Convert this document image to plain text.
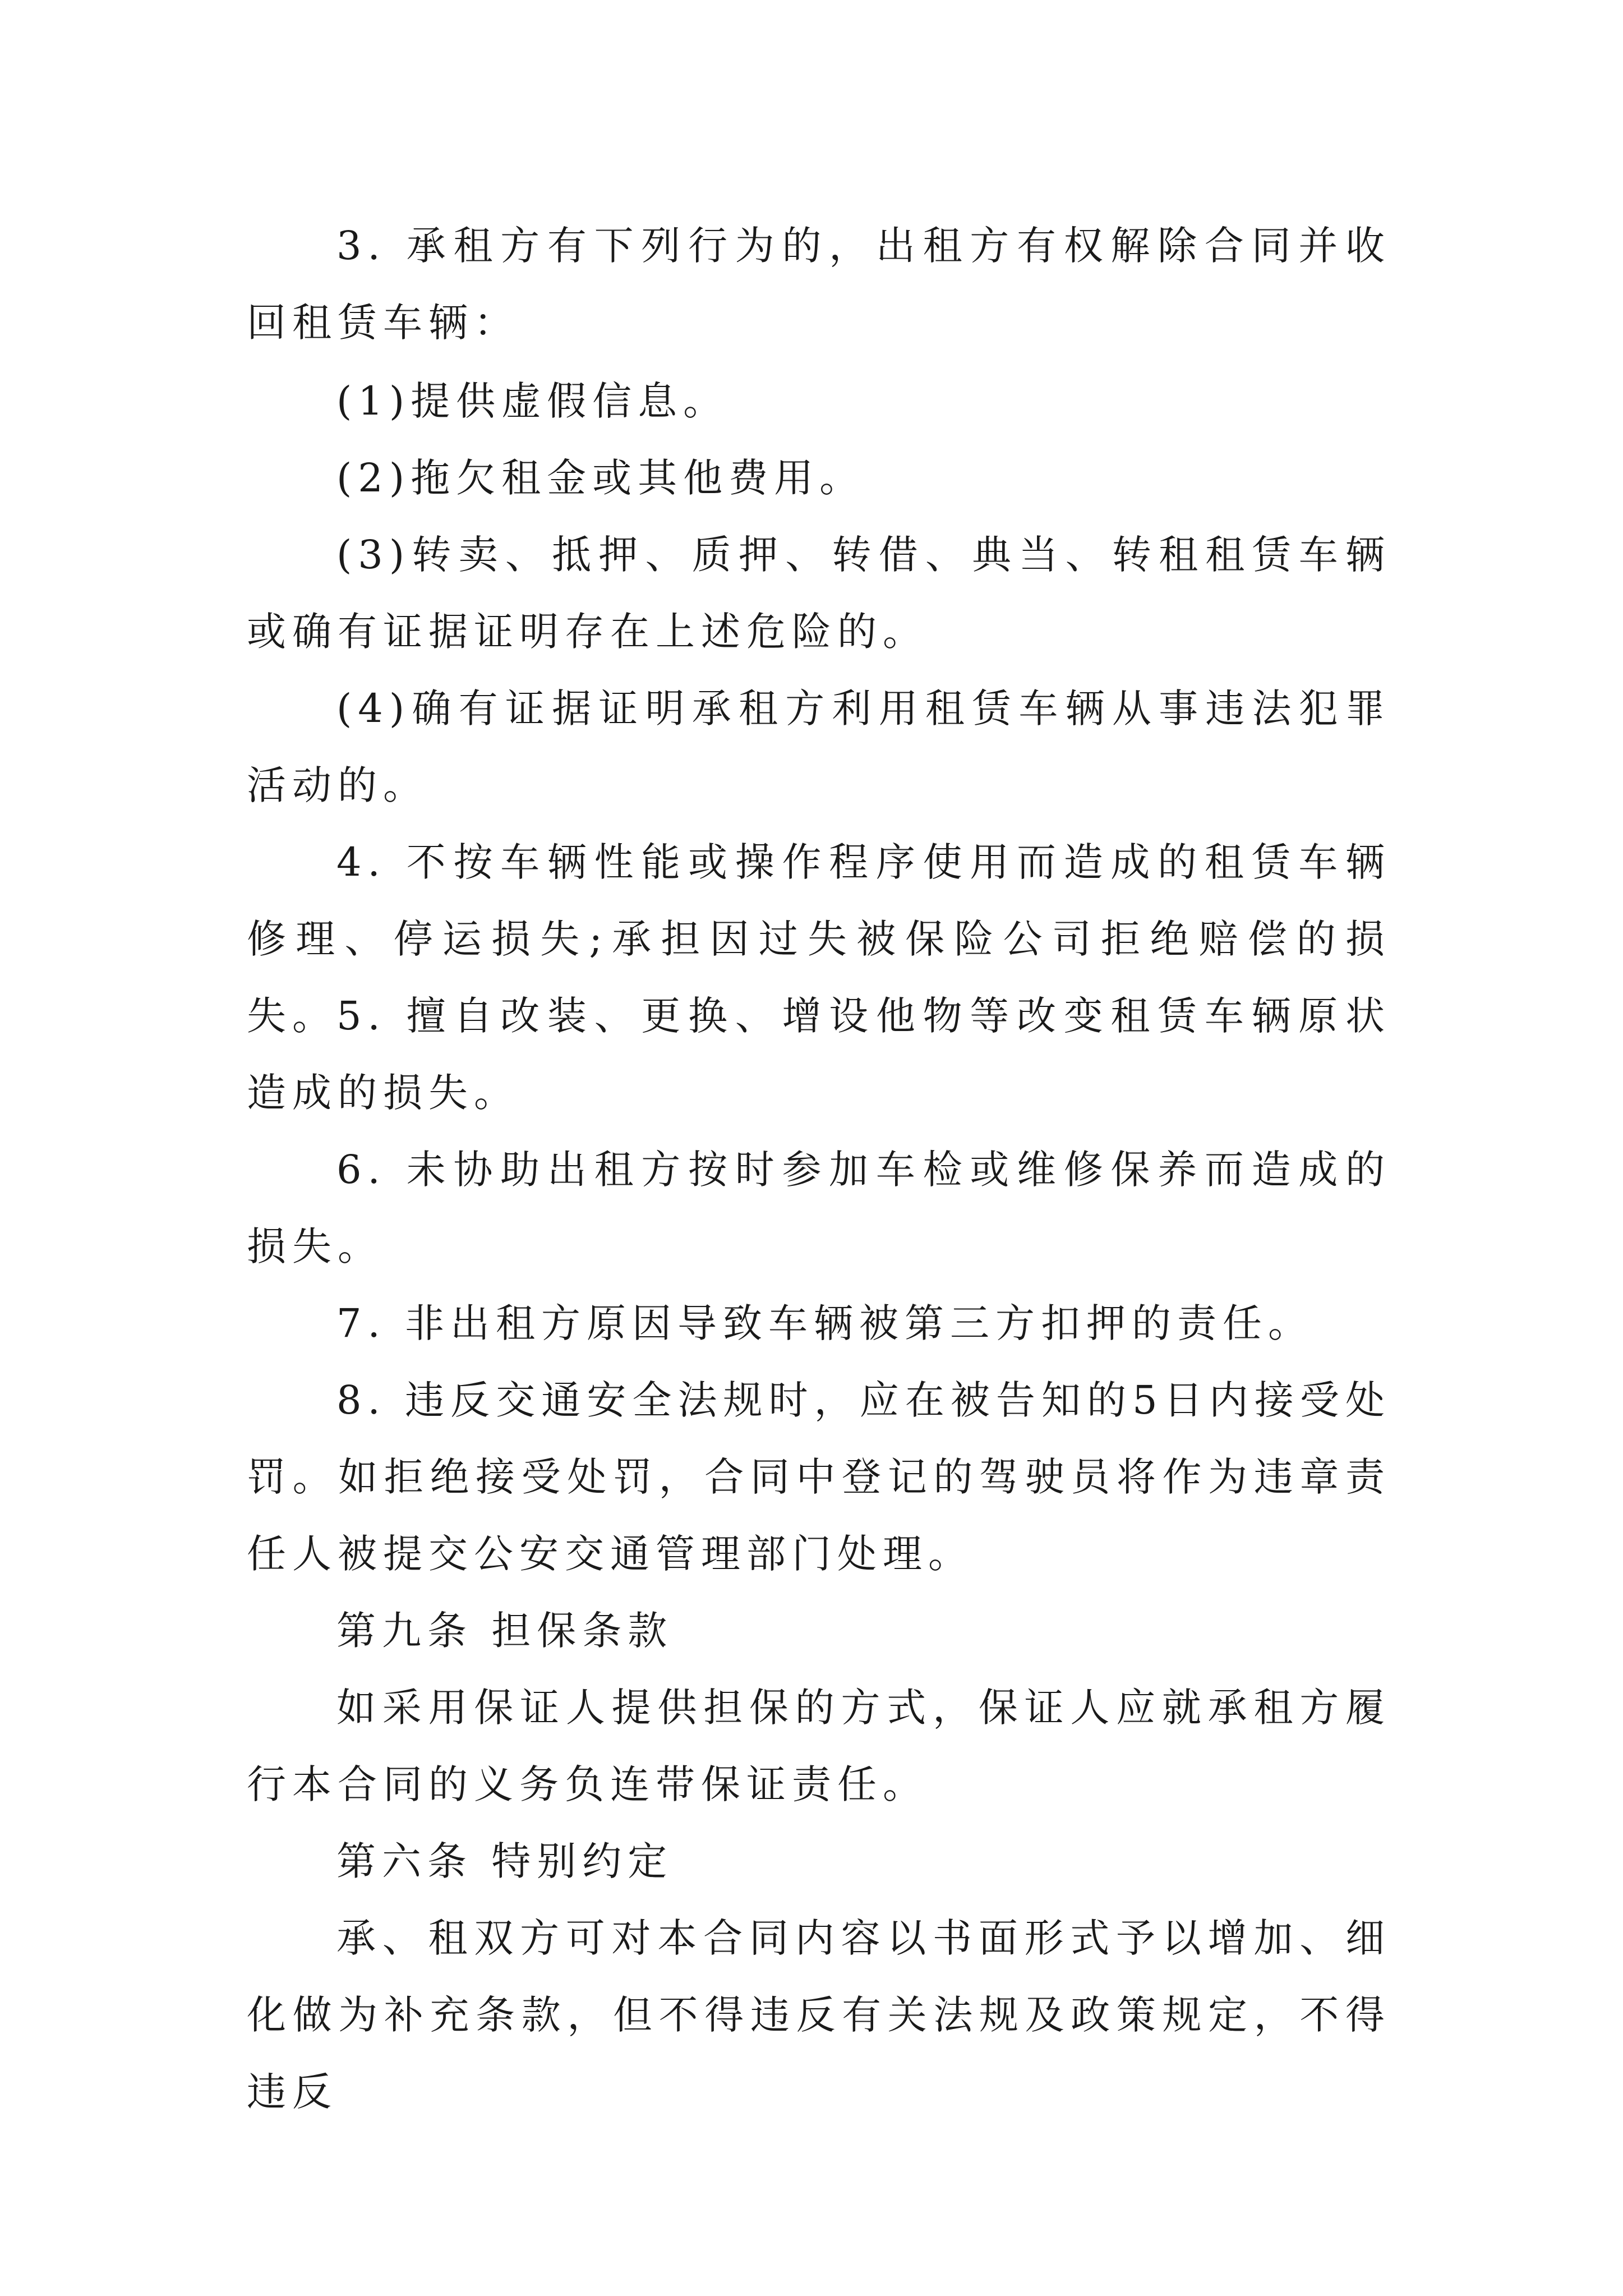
3. 承租方有下列行为的，出租方有权解除合同并收回租赁车辆：

(1)提供虚假信息。

(2)拖欠租金或其他费用。

(3)转卖、抵押、质押、转借、典当、转租租赁车辆或确有证据证明存在上述危险的。

(4)确有证据证明承租方利用租赁车辆从事违法犯罪活动的。

4. 不按车辆性能或操作程序使用而造成的租赁车辆修理、停运损失;承担因过失被保险公司拒绝赔偿的损失。

5. 擅自改装、更换、增设他物等改变租赁车辆原状造成的损失。

6. 未协助出租方按时参加车检或维修保养而造成的损失。

7. 非出租方原因导致车辆被第三方扣押的责任。

8. 违反交通安全法规时，应在被告知的5日内接受处罚。如拒绝接受处罚，合同中登记的驾驶员将作为违章责任人被提交公安交通管理部门处理。

第九条 担保条款

如采用保证人提供担保的方式，保证人应就承租方履行本合同的义务负连带保证责任。

第六条 特别约定

承、租双方可对本合同内容以书面形式予以增加、细化做为补充条款，但不得违反有关法规及政策规定，不得违反
